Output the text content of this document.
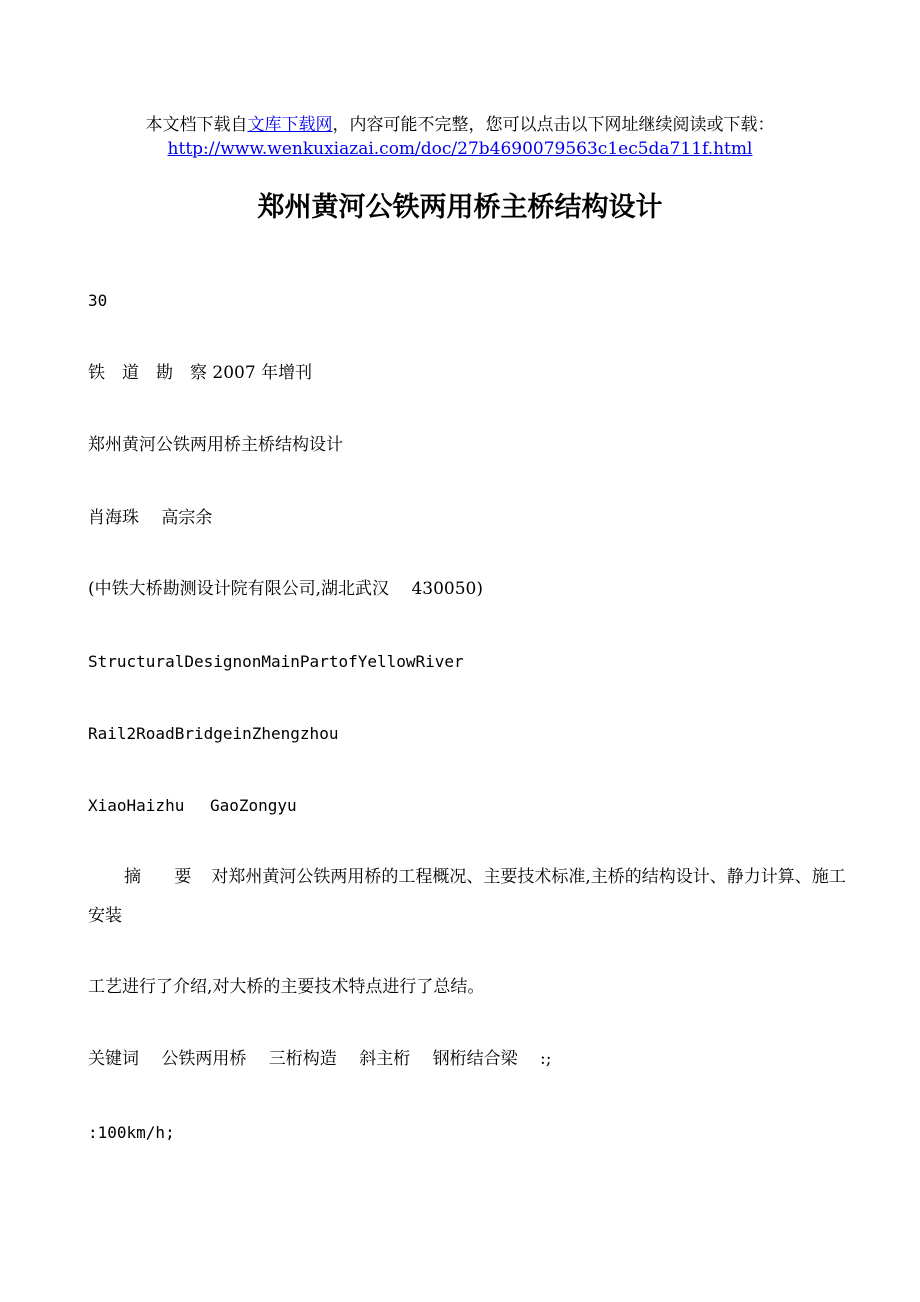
本文档下载自文库下载网，内容可能不完整，您可以点击以下网址继续阅读或下载：
http://www.wenkuxiazai.com/doc/27b4690079563c1ec5da711f.html
郑州黄河公铁两用桥主桥结构设计
30
铁　道　勘　察 2007 年增刊
郑州黄河公铁两用桥主桥结构设计
肖海珠　 高宗余
(中铁大桥勘测设计院有限公司,湖北武汉　 430050)
StructuralDesignonMainPartofYellowRiver
Rail2RoadBridgeinZhengzhou
XiaoHaizhu　 GaoZongyu
摘 要 对郑州黄河公铁两用桥的工程概况、主要技术标准,主桥的结构设计、静力计算、施工安装
工艺进行了介绍,对大桥的主要技术特点进行了总结。
关键词　 公铁两用桥　 三桁构造　 斜主桁　 钢桁结合梁　 :;
:100km/h;
